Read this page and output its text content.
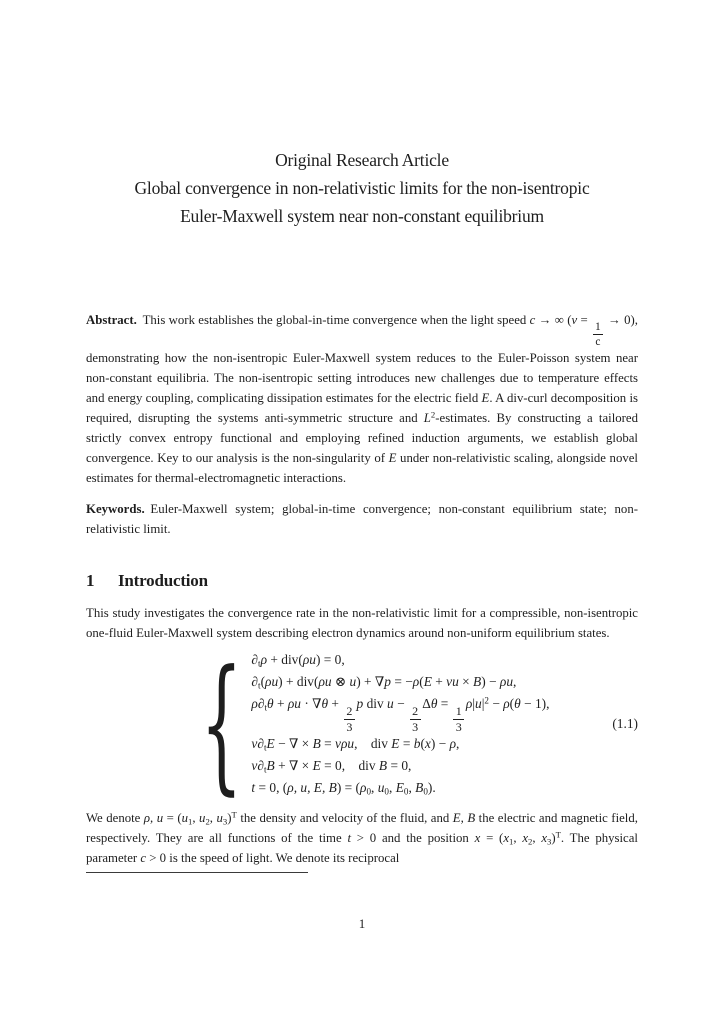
Original Research Article
Global convergence in non-relativistic limits for the non-isentropic
Euler-Maxwell system near non-constant equilibrium

Abstract. This work establishes the global-in-time convergence when the light speed c → ∞ (ν =
$\frac{1}{c}$
→ 0), demonstrating how the non-isentropic Euler-Maxwell system reduces to the Euler-Poisson system near non-constant equilibria. The non-isentropic setting introduces new challenges due to temperature effects and energy coupling, complicating dissipation estimates for the electric field E. A div-curl decomposition is required, disrupting the systems anti-symmetric structure and $L^2$-estimates. By constructing a tailored strictly convex entropy functional and employing refined induction arguments, we establish global convergence. Key to our analysis is the non-singularity of E under non-relativistic scaling, alongside novel estimates for thermal-electromagnetic interactions.

Keywords. Euler-Maxwell system; global-in-time convergence; non-constant equilibrium state; non-relativistic limit.

1 Introduction

This study investigates the convergence rate in the non-relativistic limit for a compressible, non-isentropic one-fluid Euler-Maxwell system describing electron dynamics around non-uniform equilibrium states.

{ $\partial_t\rho + div(\rho u) = 0$,
$\partial_t(\rho u) + div(\rho u$ ⊗ u) + ∇p = −ρ(E + νu × B) − ρu,
$\rho\partial_t\theta + \rho u \cdot \nabla\theta$ +
$\frac{2}{3}$
p div u −
$\frac{2}{3}$
Δθ =
$\frac{1}{3}$
$\rho|u|^2 - \rho(\theta - 1)$,
$\nu\partial_tE$ − ∇ × B = νρu, div E = b(x) − ρ,
$\nu\partial_tB$ + ∇ × E = 0, div B = 0,
t = 0, (ρ, u, E, $B) = (\rho_0$, $u_0$, $E_0$, $B_0$).
(1.1)

We denote ρ, $u = (u_1$, $u_2$, $u_3)^T$ the density and velocity of the fluid, and E, B the electric and magnetic field, respectively. They are all functions of the time t > 0 and the position $x = (x_1$, $x_2$, $x_3)^T$. The physical parameter c > 0 is the speed of light. We denote its reciprocal

1
